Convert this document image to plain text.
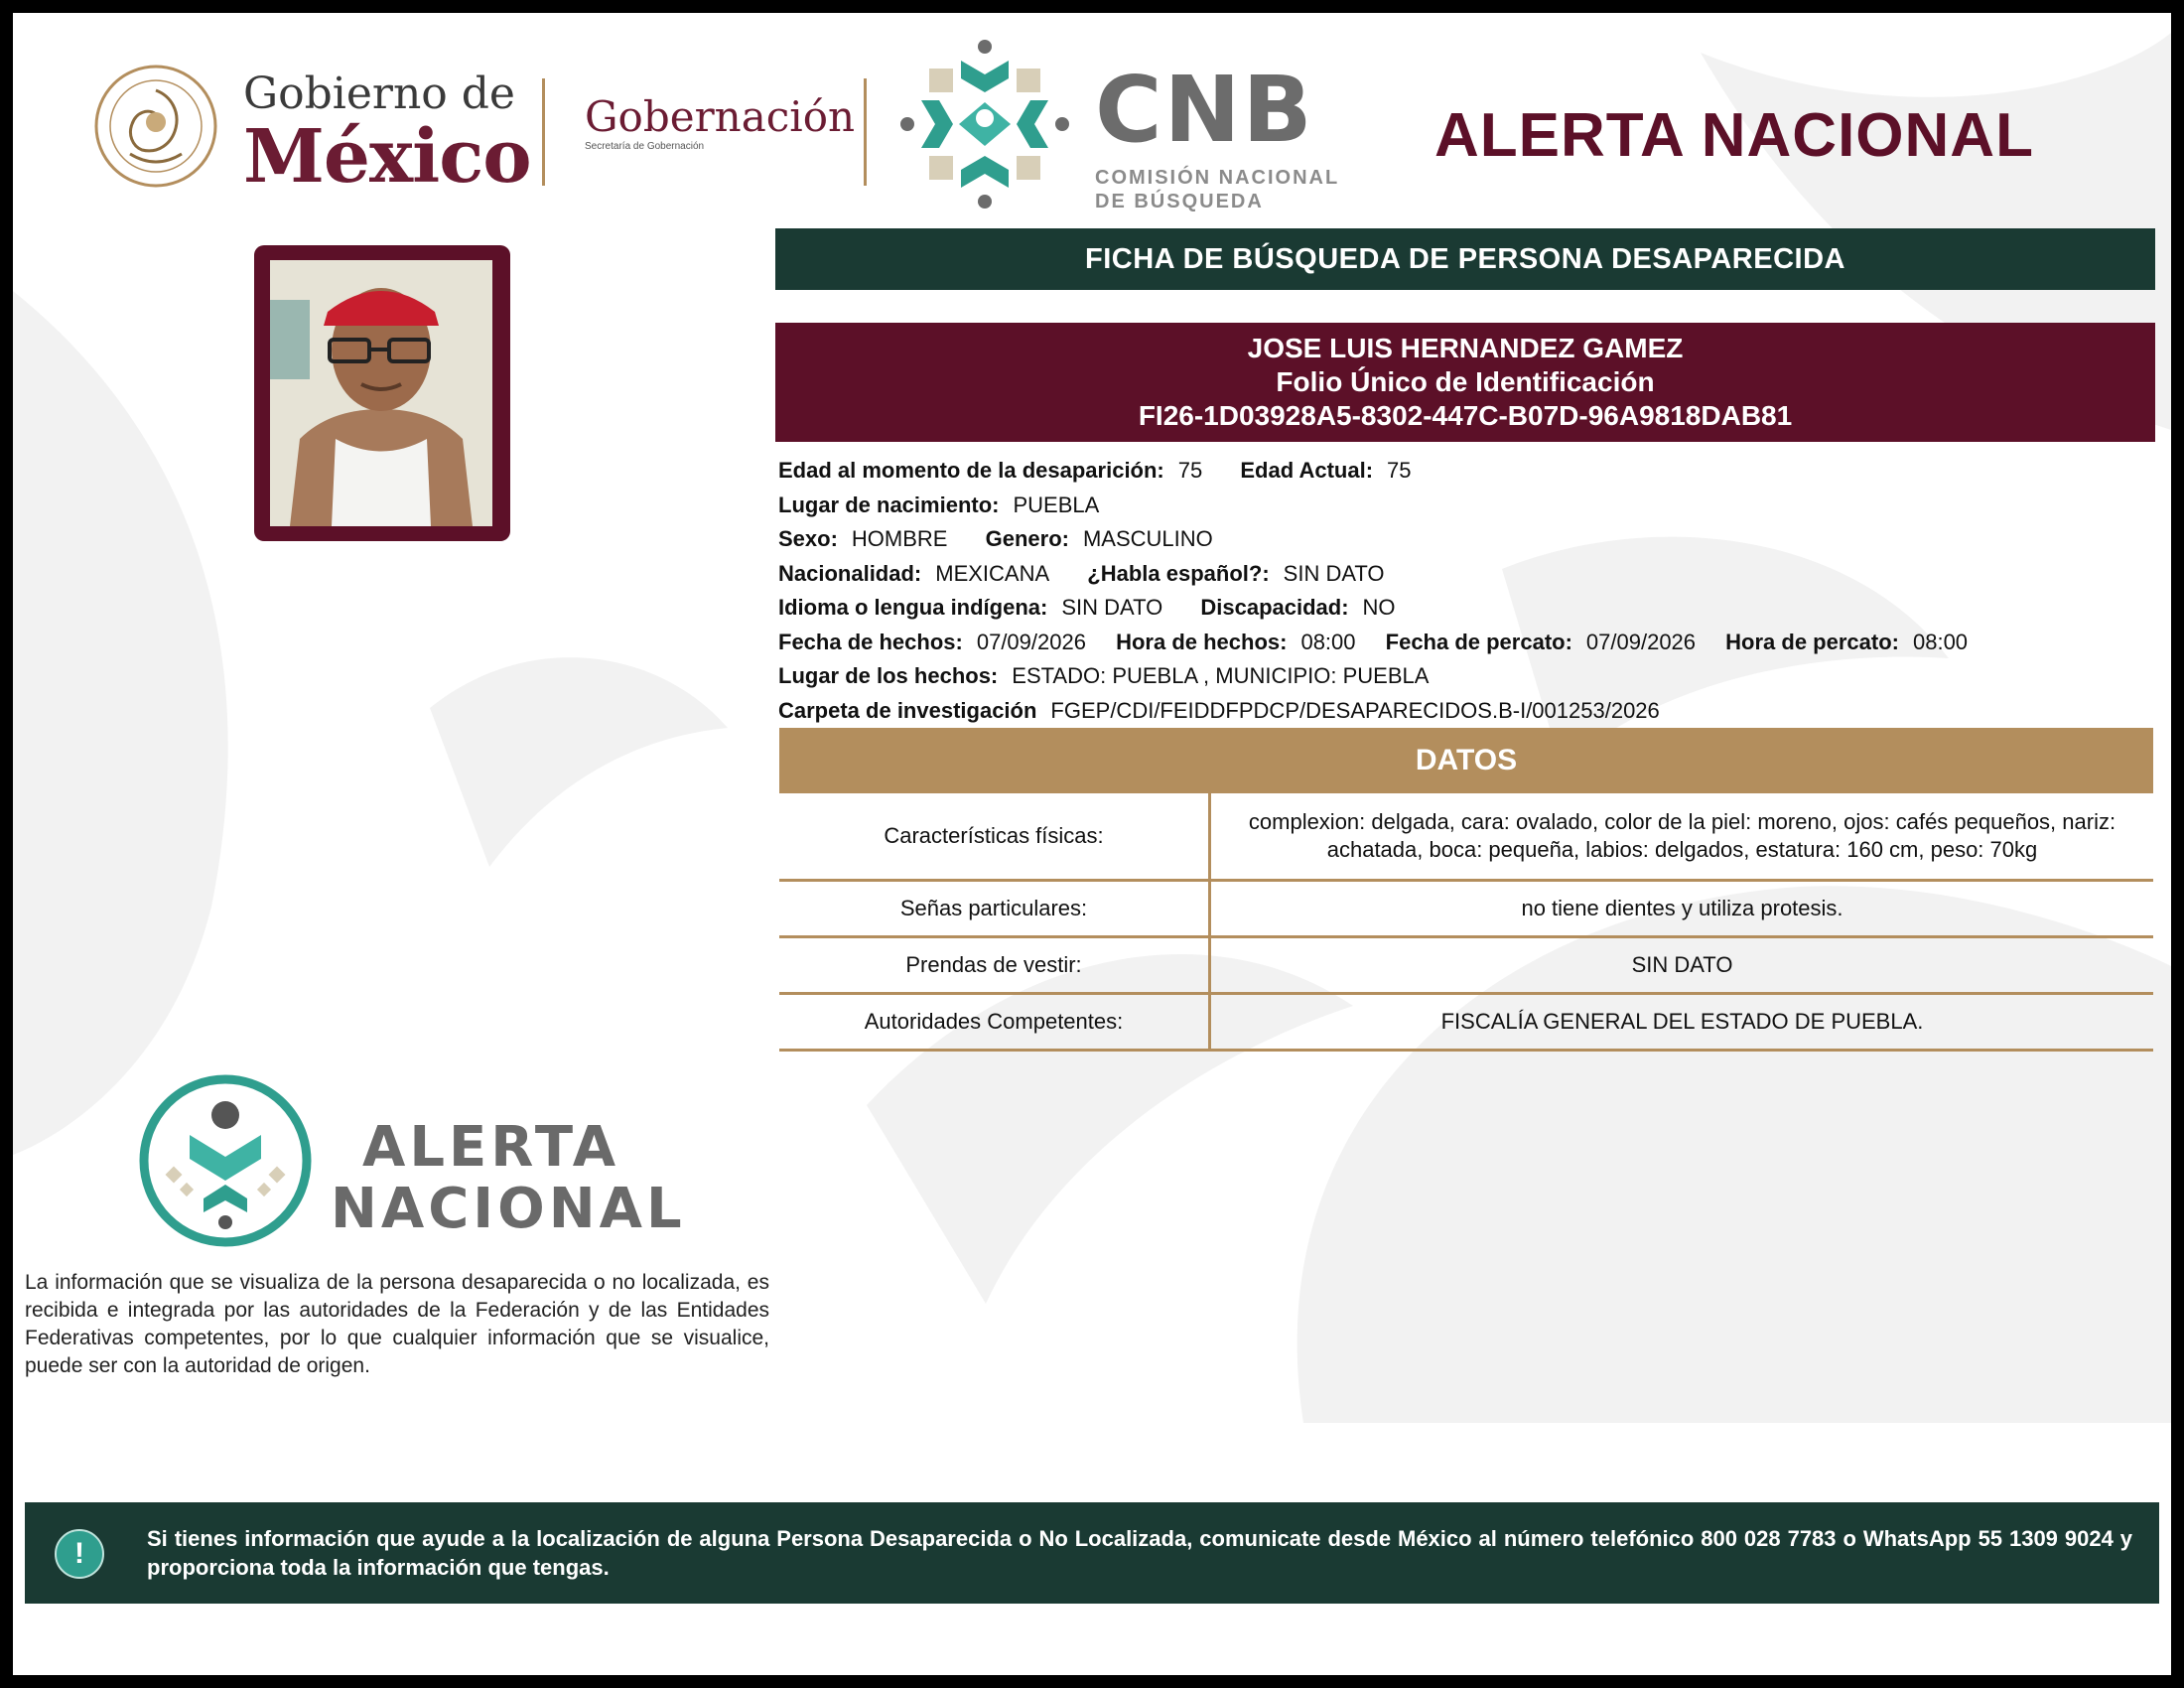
Gobierno de
México Gobernación
Secretaría de Gobernación	CNB
COMISIÓN NACIONAL
DE BÚSQUEDA
ALERTA NACIONAL
FICHA DE BÚSQUEDA DE PERSONA DESAPARECIDA
JOSE LUIS HERNANDEZ GAMEZ
Folio Único de Identificación
FI26-1D03928A5-8302-447C-B07D-96A9818DAB81
Edad al momento de la desaparición: 75 Edad Actual: 75
Lugar de nacimiento: PUEBLA
Sexo: HOMBRE Genero: MASCULINO
Nacionalidad: MEXICANA ¿Habla español?: SIN DATO
Idioma o lengua indígena: SIN DATO Discapacidad: NO
Fecha de hechos: 07/09/2026 Hora de hechos: 08:00 Fecha de percato: 07/09/2026 Hora de percato: 08:00
Lugar de los hechos: ESTADO: PUEBLA , MUNICIPIO: PUEBLA
Carpeta de investigación FGEP/CDI/FEIDDFPDCP/DESAPARECIDOS.B-I/001253/2026
DATOS
Características físicas:	complexion: delgada, cara: ovalado, color de la piel: moreno, ojos: cafés pequeños, nariz: achatada, boca: pequeña, labios: delgados, estatura: 160 cm, peso: 70kg
Señas particulares:	no tiene dientes y utiliza protesis.
Prendas de vestir:	SIN DATO
Autoridades Competentes:	FISCALÍA GENERAL DEL ESTADO DE PUEBLA.
ALERTA
NACIONAL
La información que se visualiza de la persona desaparecida o no localizada, es recibida e integrada por las autoridades de la Federación y de las Entidades Federativas competentes, por lo que cualquier información que se visualice, puede ser con la autoridad de origen.
!	Si tienes información que ayude a la localización de alguna Persona Desaparecida o No Localizada, comunicate desde México al número telefónico 800 028 7783 o WhatsApp 55 1309 9024 y proporciona toda la información que tengas.
